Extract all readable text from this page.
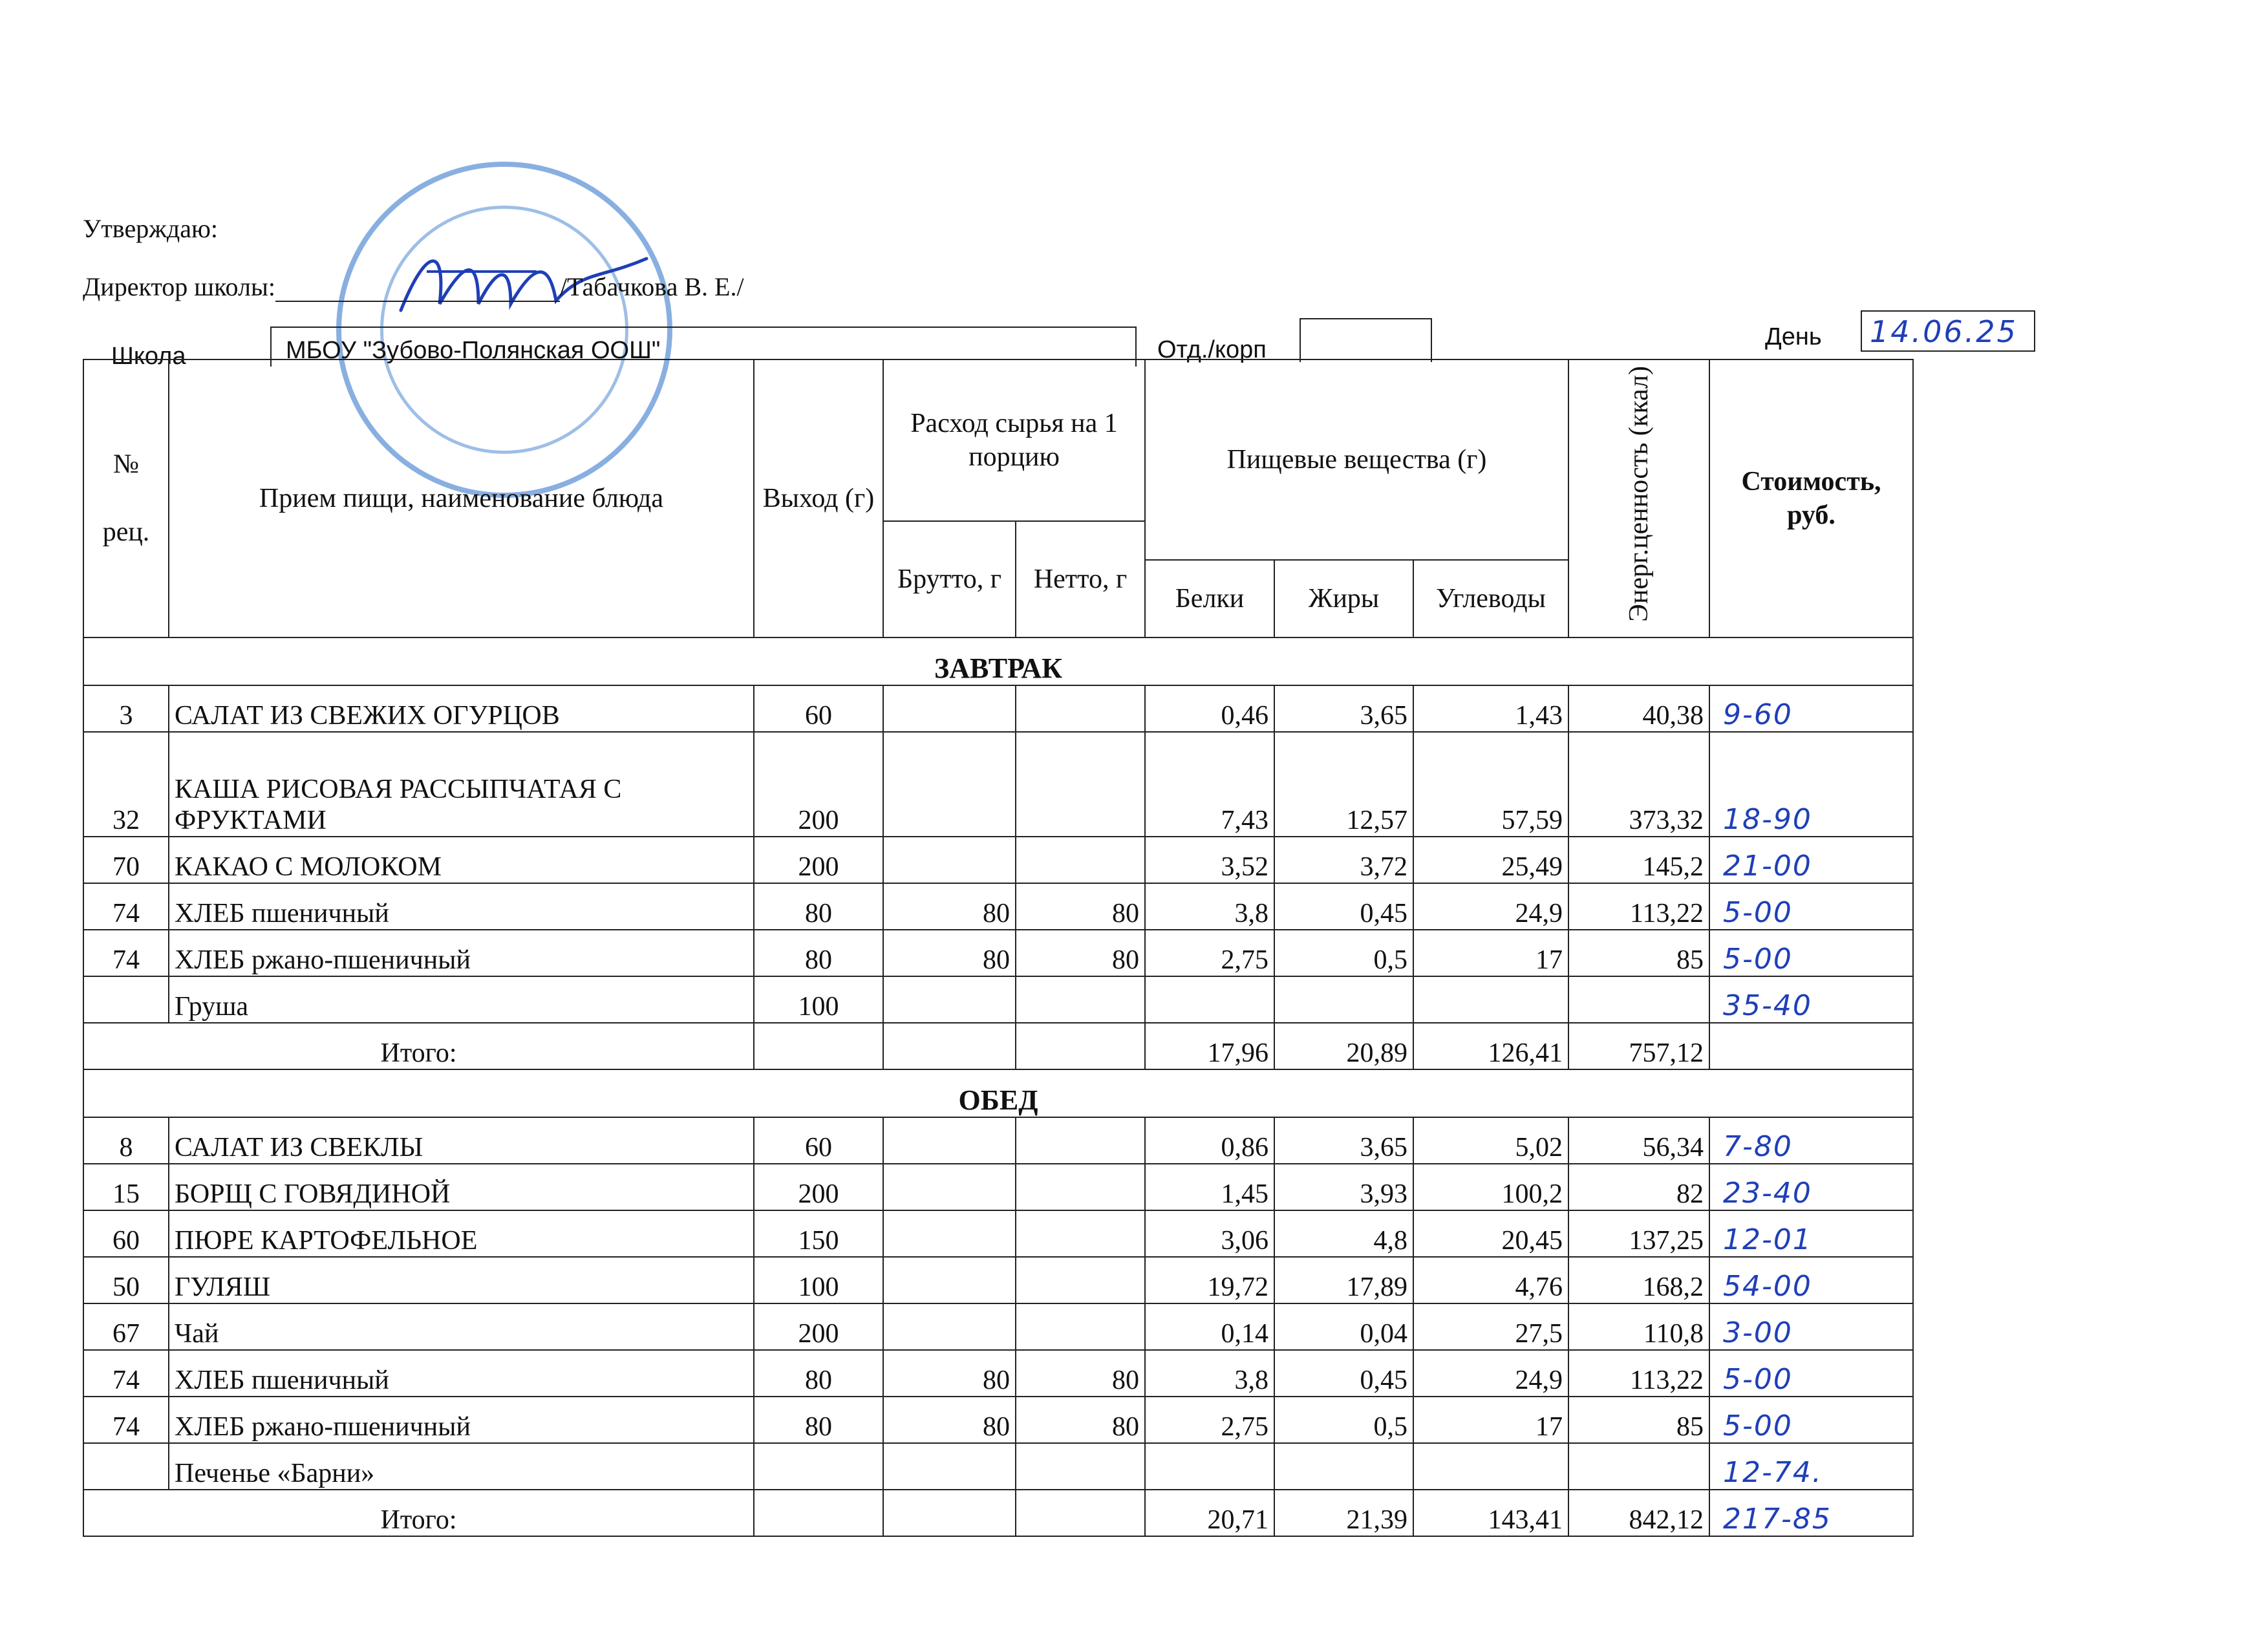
Утверждаю:
Директор школы:	/Табачкова В. Е./
Школа	МБОУ "Зубово-Полянская ООШ"	Отд./корп	День	14.06.25
№

рец.	Прием пищи, наименование блюда	Выход (г)	Расход сырья на 1 порцию		Пищевые вещества (г)			Энерг.ценность (ккал)	Стоимость, руб.
			Брутто, г	Нетто, г					
					Белки	Жиры	Углеводы		
ЗАВТРАК									
3	САЛАТ ИЗ СВЕЖИХ ОГУРЦОВ	60			0,46	3,65	1,43	40,38	9-60
32	КАША РИСОВАЯ РАССЫПЧАТАЯ С ФРУКТАМИ	200			7,43	12,57	57,59	373,32	18-90
70	КАКАО С МОЛОКОМ	200			3,52	3,72	25,49	145,2	21-00
74	ХЛЕБ пшеничный	80	80	80	3,8	0,45	24,9	113,22	5-00
74	ХЛЕБ ржано-пшеничный	80	80	80	2,75	0,5	17	85	5-00
	Груша	100							35-40
Итого:					17,96	20,89	126,41	757,12	
ОБЕД									
8	САЛАТ ИЗ СВЕКЛЫ	60			0,86	3,65	5,02	56,34	7-80
15	БОРЩ С ГОВЯДИНОЙ	200			1,45	3,93	100,2	82	23-40
60	ПЮРЕ КАРТОФЕЛЬНОЕ	150			3,06	4,8	20,45	137,25	12-01
50	ГУЛЯШ	100			19,72	17,89	4,76	168,2	54-00
67	Чай	200			0,14	0,04	27,5	110,8	3-00
74	ХЛЕБ пшеничный	80	80	80	3,8	0,45	24,9	113,22	5-00
74	ХЛЕБ ржано-пшеничный	80	80	80	2,75	0,5	17	85	5-00
	Печенье «Барни»								12-74.
Итого:					20,71	21,39	143,41	842,12	217-85
